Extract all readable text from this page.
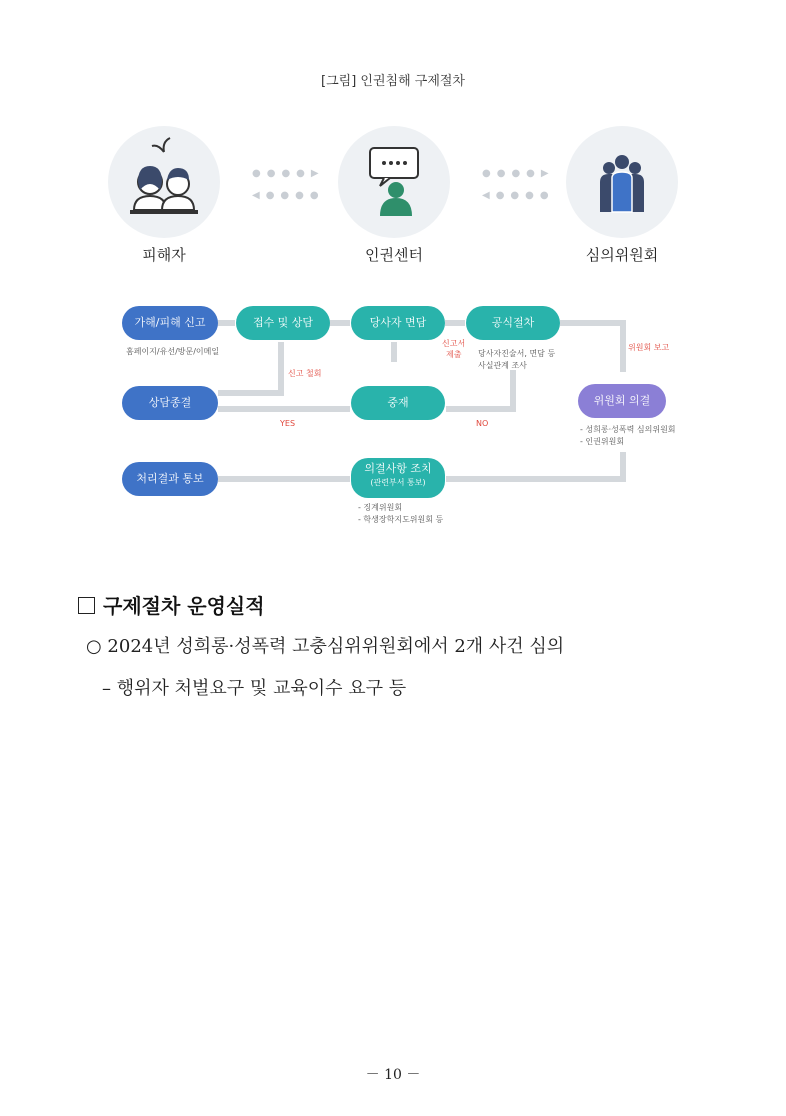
[그림] 인권침해 구제절차
피해자
●●●●▶
◀●●●●
인권센터
●●●●▶
◀●●●●
심의위원회
가해/피해 신고
홈페이지/유선/방문/이메일
접수 및 상담	당사자 면담	공식절차
당사자진술서, 면담 등
사실관계 조사
신고서
제출
신고 철회
위원회 보고
상담종결	중재
YES	NO
위원회 의결
- 성희롱·성폭력 심의위원회
- 인권위원회
처리결과 통보
의결사항 조치
(관련부서 통보)
- 징계위원회
- 학생장학지도위원회 등
구제절차 운영실적
○ 2024년 성희롱·성폭력 고충심위위원회에서 2개 사건 심의
– 행위자 처벌요구 및 교육이수 요구 등
－ 10 －
